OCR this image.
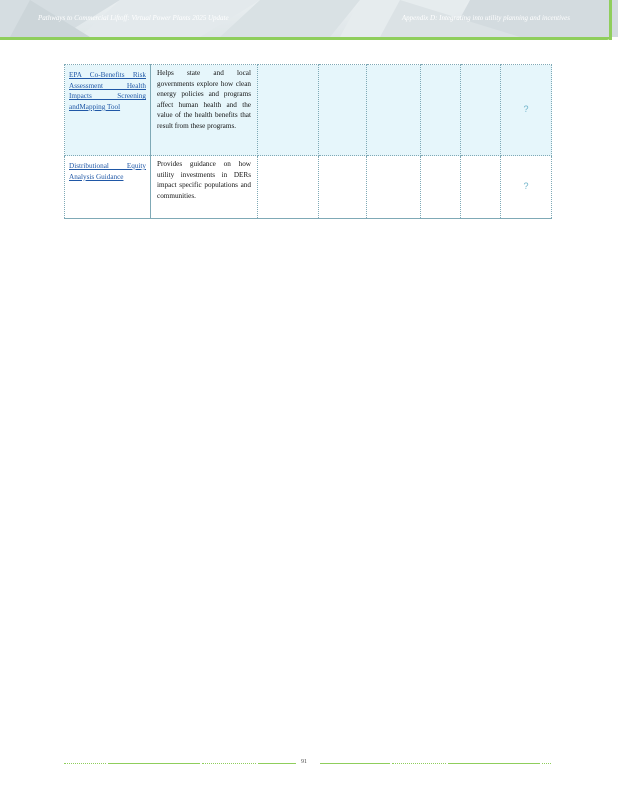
Pathways to Commercial Liftoff: Virtual Power Plants 2025 Update	Appendix D: Integrating into utility planning and incentives
EPA Co-Benefits Risk Assessment Health Impacts Screening andMapping Tool	Helps state and local governments explore how clean energy policies and programs affect human health and the value of the health benefits that result from these programs.						?

Distributional Equity Analysis Guidance	Provides guidance on how utility investments in DERs impact specific populations and communities.						?
91
